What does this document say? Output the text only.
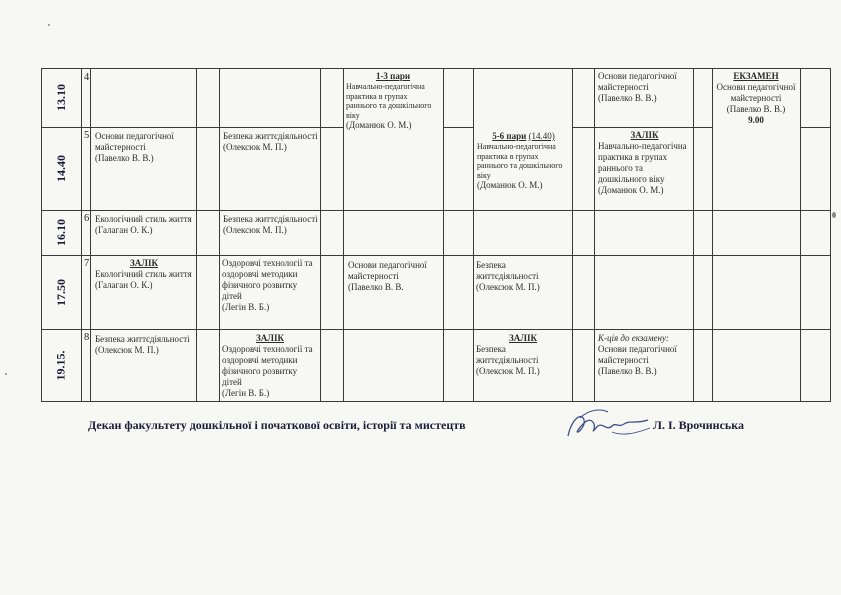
13.10
14.40
16.10
17.50
19.15.
4
5
6
7
8
1-3 пари
Навчально-педагогічна практика в групах раннього та дошкільного віку
(Доманюк О. М.)
Основи педагогічної майстерності
(Павелко В. В.)
ЕКЗАМЕН
Основи педагогічної майстерності
(Павелко В. В.)
9.00
Основи педагогічної майстерності
(Павелко В. В.)
Безпека життєдіяльності
(Олексюк М. П.)
5-6 пари (14.40)
Навчально-педагогічна практика в групах раннього та дошкільного віку
(Доманюк О. М.)
ЗАЛІК
Навчально-педагогічна практика в групах раннього та дошкільного віку
(Доманюк О. М.)
Екологічний стиль життя
(Галаган О. К.)
Безпека життєдіяльності
(Олексюк М. П.)
ЗАЛІК
Екологічний стиль життя
(Галаган О. К.)
Оздоровчі технології та оздоровчі методики фізичного розвитку дітей
(Легін В. Б.)
Основи педагогічної майстерності
(Павелко В. В.
Безпека життєдіяльності
(Олексюк М. П.)
Безпека життєдіяльності
(Олексюк М. П.)
ЗАЛІК
Оздоровчі технології та оздоровчі методики фізичного розвитку дітей
(Легін В. Б.)
ЗАЛІК
Безпека життєдіяльності
(Олексюк М. П.)
К-ція до екзамену:
Основи педагогічної майстерності
(Павелко В. В.)
Декан факультету дошкільної і початкової освіти, історії та мистецтв	Л. І. Врочинська
